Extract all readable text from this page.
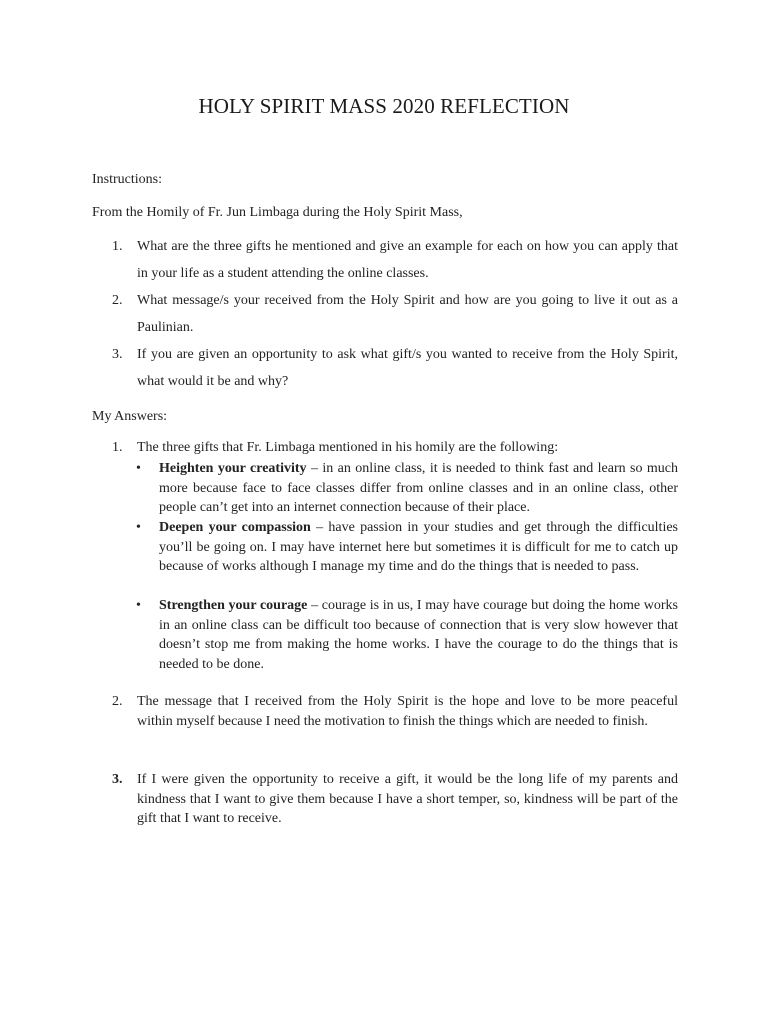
HOLY SPIRIT MASS 2020 REFLECTION
Instructions:
From the Homily of Fr. Jun Limbaga during the Holy Spirit Mass,
1. What are the three gifts he mentioned and give an example for each on how you can apply that in your life as a student attending the online classes.
2. What message/s your received from the Holy Spirit and how are you going to live it out as a Paulinian.
3. If you are given an opportunity to ask what gift/s you wanted to receive from the Holy Spirit, what would it be and why?
My Answers:
1. The three gifts that Fr. Limbaga mentioned in his homily are the following:
• Heighten your creativity – in an online class, it is needed to think fast and learn so much more because face to face classes differ from online classes and in an online class, other people can’t get into an internet connection because of their place.
• Deepen your compassion – have passion in your studies and get through the difficulties you’ll be going on. I may have internet here but sometimes it is difficult for me to catch up because of works although I manage my time and do the things that is needed to pass.
• Strengthen your courage – courage is in us, I may have courage but doing the home works in an online class can be difficult too because of connection that is very slow however that doesn’t stop me from making the home works. I have the courage to do the things that is needed to be done.
2. The message that I received from the Holy Spirit is the hope and love to be more peaceful within myself because I need the motivation to finish the things which are needed to finish.
3. If I were given the opportunity to receive a gift, it would be the long life of my parents and kindness that I want to give them because I have a short temper, so, kindness will be part of the gift that I want to receive.
